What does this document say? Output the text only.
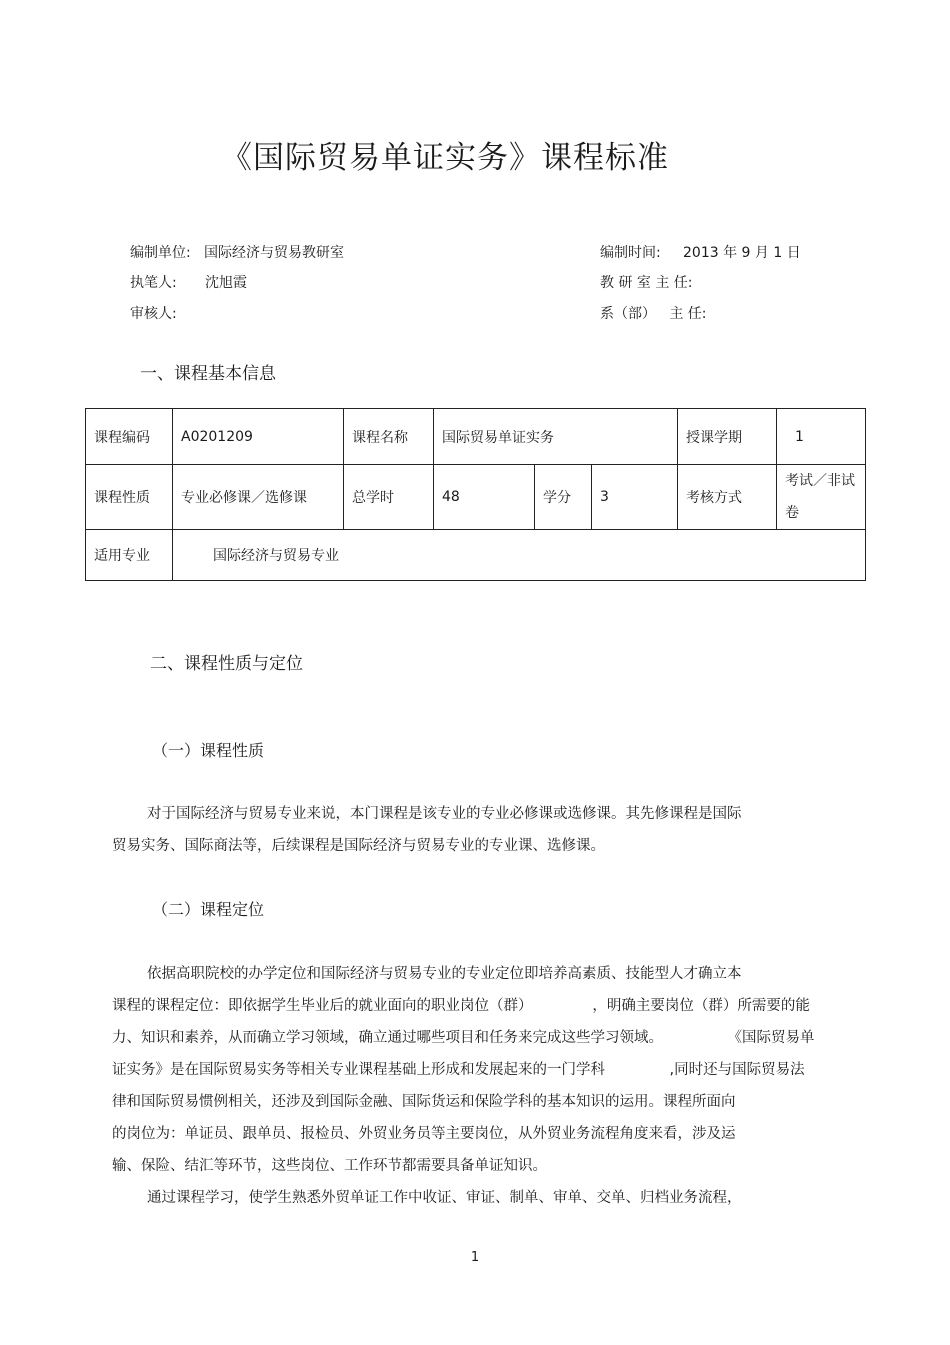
《国际贸易单证实务》课程标准
编制单位: 国际经济与贸易教研室	编制时间: 2013 年 9 月 1 日
执笔人: 沈旭霞	教 研 室 主 任:
审核人:	系（部）   主 任:
一、课程基本信息
课程编码	A0201209	课程名称	国际贸易单证实务			授课学期	1
课程性质	专业必修课／选修课	总学时	48	学分	3	考核方式	考试／非试卷
适用专业	国际经济与贸易专业						
二、课程性质与定位
（一）课程性质
对于国际经济与贸易专业来说，本门课程是该专业的专业必修课或选修课。其先修课程是国际
贸易实务、国际商法等，后续课程是国际经济与贸易专业的专业课、选修课。
（二）课程定位
依据高职院校的办学定位和国际经济与贸易专业的专业定位即培养高素质、技能型人才确立本
课程的课程定位：即依据学生毕业后的就业面向的职业岗位（群）             ，明确主要岗位（群）所需要的能
力、知识和素养，从而确立学习领域，确立通过哪些项目和任务来完成这些学习领域。              《国际贸易单
证实务》是在国际贸易实务等相关专业课程基础上形成和发展起来的一门学科              ,同时还与国际贸易法
律和国际贸易惯例相关，还涉及到国际金融、国际货运和保险学科的基本知识的运用。课程所面向
的岗位为：单证员、跟单员、报检员、外贸业务员等主要岗位，从外贸业务流程角度来看，涉及运
输、保险、结汇等环节，这些岗位、工作环节都需要具备单证知识。
通过课程学习，使学生熟悉外贸单证工作中收证、审证、制单、审单、交单、归档业务流程，
1
